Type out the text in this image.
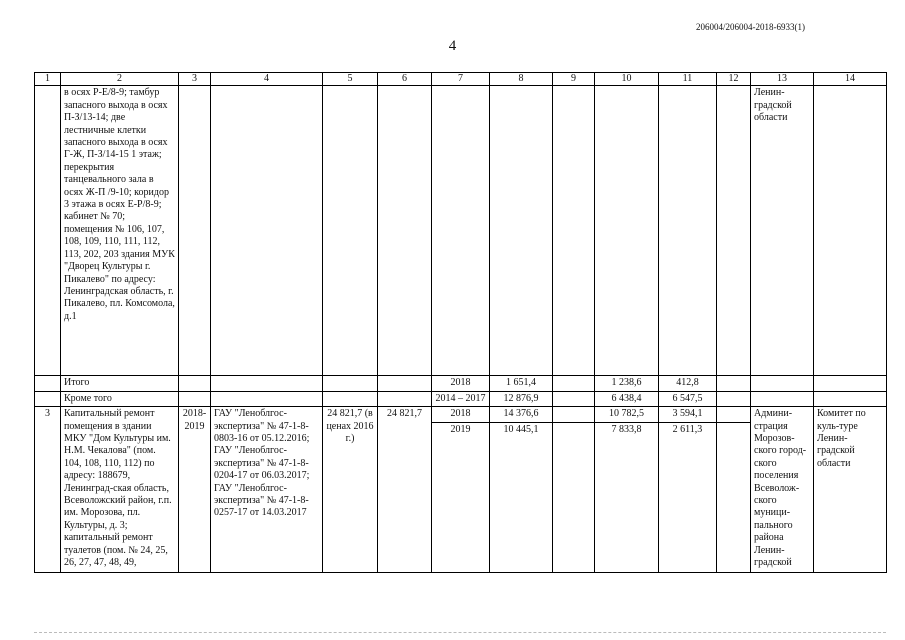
206004/206004-2018-6933(1)
4
1	2	3	4	5	6	7	8	9	10	11	12	13	14
	в осях Р-Е/8-9; тамбур запасного выхода в осях П-З/13-14; две лестничные клетки запасного выхода в осях Г-Ж, П-З/14-15 1 этаж; перекрытия танцевального зала в осях Ж-П /9-10; коридор 3 этажа в осях Е-Р/8-9; кабинет № 70; помещения № 106, 107, 108, 109, 110, 111, 112, 113, 202, 203 здания МУК "Дворец Культуры г. Пикалево" по адресу: Ленинградская область, г. Пикалево, пл. Комсомола, д.1											Ленин-градской области	
	Итого					2018	1 651,4		1 238,6	412,8			
	Кроме того					2014 – 2017	12 876,9		6 438,4	6 547,5			
3	Капитальный ремонт помещения в здании МКУ "Дом Культуры им. Н.М. Чекалова" (пом. 104, 108, 110, 112) по адресу: 188679, Ленинград-ская область, Всеволожский район, г.п. им. Морозова, пл. Культуры, д. 3; капитальный ремонт туалетов (пом. № 24, 25, 26, 27, 47, 48, 49,	2018-2019	ГАУ "Леноблгос-экспертиза" № 47-1-8-0803-16 от 05.12.2016; ГАУ "Леноблгос-экспертиза" № 47-1-8-0204-17 от 06.03.2017; ГАУ "Леноблгос-экспертиза" № 47-1-8-0257-17 от 14.03.2017	24 821,7 (в ценах 2016 г.)	24 821,7	2018	14 376,6		10 782,5	3 594,1		Админи-страция Морозов-ского город-ского поселения Всеволож-ского муници-пального района Ленин-градской	Комитет по куль-туре Ленин-градской области
						2019	10 445,1		7 833,8	2 611,3			
